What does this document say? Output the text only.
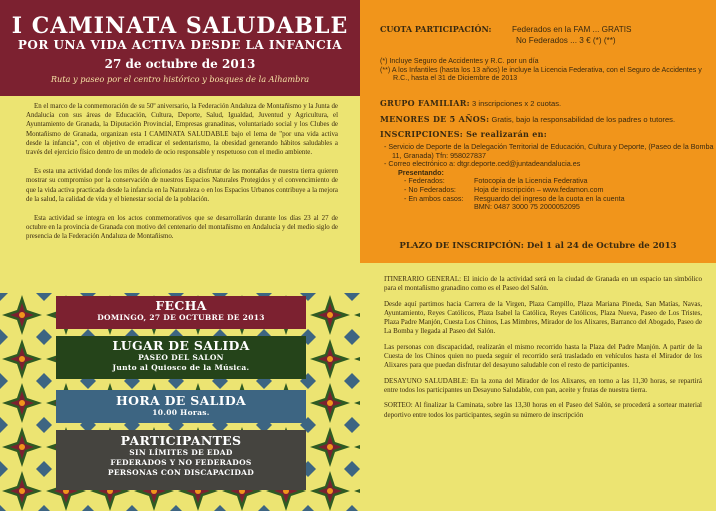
I CAMINATA SALUDABLE
POR UNA VIDA ACTIVA DESDE LA INFANCIA
27 de octubre de 2013
Ruta y paseo por el centro histórico y bosques de la Alhambra

En el marco de la conmemoración de su 50º aniversario, la Federación Andaluza de Montañismo y la Junta de Andalucía con sus áreas de Educación, Cultura, Deporte, Salud, Igualdad, Juventud y Agricultura, el Ayuntamiento de Granada, la Diputación Provincial, Empresas granadinas, voluntariado social y los Clubes de Montañismo de Granada, organizan esta I CAMINATA SALUDABLE bajo el lema de "por una vida activa desde la infancia", con el objetivo de erradicar el sedentarismo, la obesidad generando hábitos saludables a través del ejercicio físico dentro de un modelo de ocio responsable y respetuoso con el medio ambiente.

Es esta una actividad donde los miles de aficionados /as a disfrutar de las montañas de nuestra tierra quieren mostrar su compromiso por la conservación de nuestros Espacios Naturales Protegidos y el convencimiento de que la vida activa practicada desde la infancia en la Naturaleza o en los Espacios Urbanos contribuye a la mejora de la salud, la calidad de vida y el bienestar social de la población.

Esta actividad se integra en los actos conmemorativos que se desarrollarán durante los días 23 al 27 de octubre en la provincia de Granada con motivo del centenario del montañismo en Andalucía y del medio siglo de presencia de la Federación Andaluza de Montañismo.

FECHA
DOMINGO, 27 DE OCTUBRE DE 2013
LUGAR DE SALIDA
PASEO DEL SALON
Junto al Quiosco de la Música.
HORA DE SALIDA
10.00 Horas.
PARTICIPANTES
SIN LÍMITES DE EDAD
FEDERADOS Y NO FEDERADOS
PERSONAS CON DISCAPACIDAD
CUOTA PARTICIPACIÓN:	Federados en la FAM ... GRATIS
No Federados ... 3 € (*) (**)
(*) Incluye Seguro de Accidentes y R.C. por un día
(**) A los Infantiles (hasta los 13 años) le incluye la Licencia Federativa, con el Seguro de Accidentes y R.C., hasta el 31 de Diciembre de 2013
GRUPO FAMILIAR: 3 inscripciones x 2 cuotas.
MENORES DE 5 AÑOS: Gratis, bajo la responsabilidad de los padres o tutores.
INSCRIPCIONES: Se realizarán en:
- Servicio de Deporte de la Delegación Territorial de Educación, Cultura y Deporte, (Paseo de la Bomba 11, Granada) Tfn: 958027837
- Correo electrónico a: dtgr.deporte.ced@juntadeandalucia.es
Presentando:
- Federados:	Fotocopia de la Licencia Federativa
- No Federados:	Hoja de inscripción – www.fedamon.com
- En ambos casos:	Resguardo del ingreso de la cuota en la cuenta
BMN: 0487 3000 75 2000052095
PLAZO DE INSCRIPCIÓN: Del 1 al 24 de Octubre de 2013

ITINERARIO GENERAL: El inicio de la actividad será en la ciudad de Granada en un espacio tan simbólico para el montañismo granadino como es el Paseo del Salón.

Desde aquí partimos hacia Carrera de la Virgen, Plaza Campillo, Plaza Mariana Pineda, San Matías, Navas, Ayuntamiento, Reyes Católicos, Plaza Isabel la Católica, Reyes Católicos, Plaza Nueva, Paseo de Los Tristes, Plaza Padre Manjón, Cuesta Los Chinos, Las Mimbres, Mirador de los Alixares, Barranco del Abogado, Paseo de La Bomba y llegada al Paseo del Salón.

Las personas con discapacidad, realizarán el mismo recorrido hasta la Plaza del Padre Manjón. A partir de la Cuesta de los Chinos quien no pueda seguir el recorrido será trasladado en vehículos hasta el Mirador de los Alixares para que puedan disfrutar del desayuno saludable con el resto de participantes.

DESAYUNO SALUDABLE: En la zona del Mirador de los Alixares, en torno a las 11,30 horas, se repartirá entre todos los participantes un Desayuno Saludable, con pan, aceite y frutas de nuestra tierra.

SORTEO: Al finalizar la Caminata, sobre las 13,30 horas en el Paseo del Salón, se procederá a sortear material deportivo entre todos los participantes, según su número de inscripción
